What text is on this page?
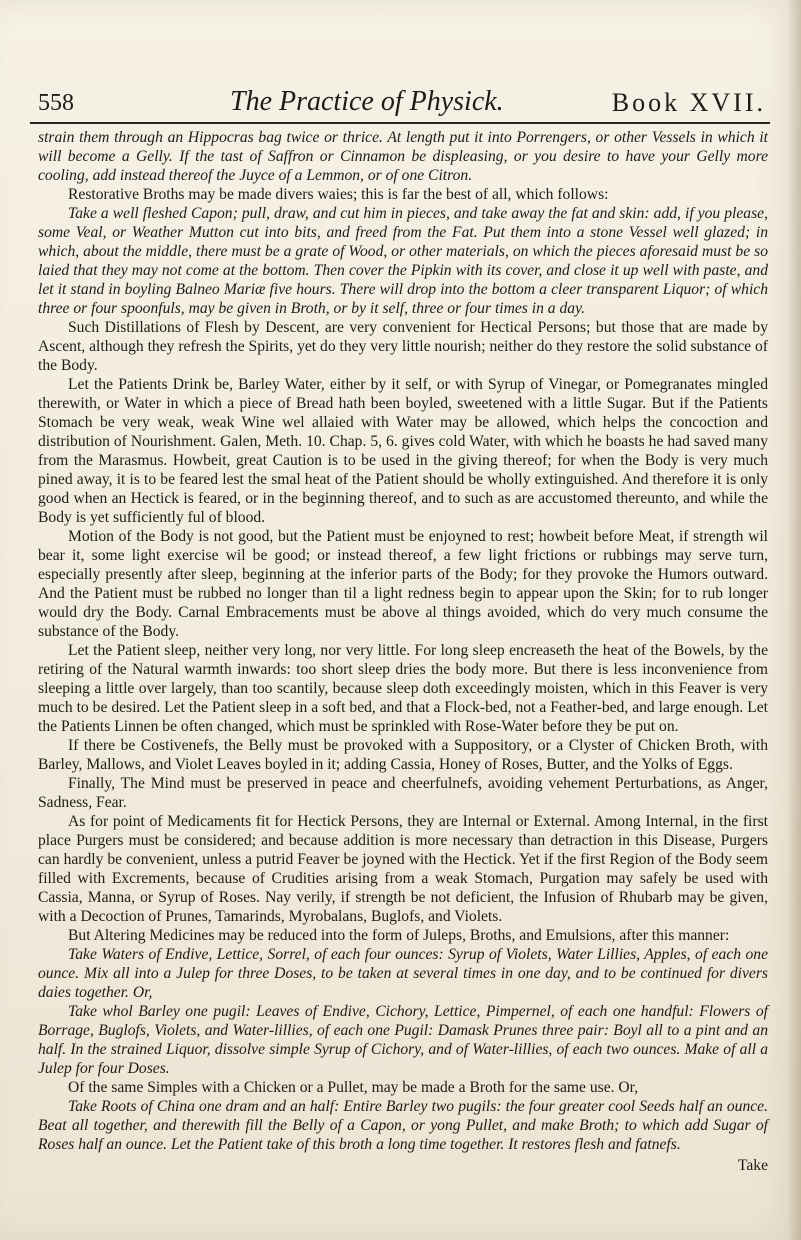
558	The Practice of Physick.	Book XVII.

strain them through an Hippocras bag twice or thrice. At length put it into Porrengers, or other Vessels in which it will become a Gelly. If the tast of Saffron or Cinnamon be displeasing, or you desire to have your Gelly more cooling, add instead thereof the Juyce of a Lemmon, or of one Citron.

Restorative Broths may be made divers waies; this is far the best of all, which follows:

Take a well fleshed Capon; pull, draw, and cut him in pieces, and take away the fat and skin: add, if you please, some Veal, or Weather Mutton cut into bits, and freed from the Fat. Put them into a stone Vessel well glazed; in which, about the middle, there must be a grate of Wood, or other materials, on which the pieces aforesaid must be so laied that they may not come at the bottom. Then cover the Pipkin with its cover, and close it up well with paste, and let it stand in boyling Balneo Mariæ five hours. There will drop into the bottom a cleer transparent Liquor; of which three or four spoonfuls, may be given in Broth, or by it self, three or four times in a day.

Such Distillations of Flesh by Descent, are very convenient for Hectical Persons; but those that are made by Ascent, although they refresh the Spirits, yet do they very little nourish; neither do they restore the solid substance of the Body.

Let the Patients Drink be, Barley Water, either by it self, or with Syrup of Vinegar, or Pomegranates mingled therewith, or Water in which a piece of Bread hath been boyled, sweetened with a little Sugar. But if the Patients Stomach be very weak, weak Wine wel allaied with Water may be allowed, which helps the concoction and distribution of Nourishment. Galen, Meth. 10. Chap. 5, 6. gives cold Water, with which he boasts he had saved many from the Marasmus. Howbeit, great Caution is to be used in the giving thereof; for when the Body is very much pined away, it is to be feared lest the smal heat of the Patient should be wholly extinguished. And therefore it is only good when an Hectick is feared, or in the beginning thereof, and to such as are accustomed thereunto, and while the Body is yet sufficiently ful of blood.

Motion of the Body is not good, but the Patient must be enjoyned to rest; howbeit before Meat, if strength wil bear it, some light exercise wil be good; or instead thereof, a few light frictions or rubbings may serve turn, especially presently after sleep, beginning at the inferior parts of the Body; for they provoke the Humors outward. And the Patient must be rubbed no longer than til a light redness begin to appear upon the Skin; for to rub longer would dry the Body. Carnal Embracements must be above al things avoided, which do very much consume the substance of the Body.

Let the Patient sleep, neither very long, nor very little. For long sleep encreaseth the heat of the Bowels, by the retiring of the Natural warmth inwards: too short sleep dries the body more. But there is less inconvenience from sleeping a little over largely, than too scantily, because sleep doth exceedingly moisten, which in this Feaver is very much to be desired. Let the Patient sleep in a soft bed, and that a Flock-bed, not a Feather-bed, and large enough. Let the Patients Linnen be often changed, which must be sprinkled with Rose-Water before they be put on.

If there be Costivenefs, the Belly must be provoked with a Suppository, or a Clyster of Chicken Broth, with Barley, Mallows, and Violet Leaves boyled in it; adding Cassia, Honey of Roses, Butter, and the Yolks of Eggs.

Finally, The Mind must be preserved in peace and cheerfulnefs, avoiding vehement Perturbations, as Anger, Sadness, Fear.

As for point of Medicaments fit for Hectick Persons, they are Internal or External. Among Internal, in the first place Purgers must be considered; and because addition is more necessary than detraction in this Disease, Purgers can hardly be convenient, unless a putrid Feaver be joyned with the Hectick. Yet if the first Region of the Body seem filled with Excrements, because of Crudities arising from a weak Stomach, Purgation may safely be used with Cassia, Manna, or Syrup of Roses. Nay verily, if strength be not deficient, the Infusion of Rhubarb may be given, with a Decoction of Prunes, Tamarinds, Myrobalans, Buglofs, and Violets.

But Altering Medicines may be reduced into the form of Juleps, Broths, and Emulsions, after this manner:

Take Waters of Endive, Lettice, Sorrel, of each four ounces: Syrup of Violets, Water Lillies, Apples, of each one ounce. Mix all into a Julep for three Doses, to be taken at several times in one day, and to be continued for divers daies together. Or,

Take whol Barley one pugil: Leaves of Endive, Cichory, Lettice, Pimpernel, of each one handful: Flowers of Borrage, Buglofs, Violets, and Water-lillies, of each one Pugil: Damask Prunes three pair: Boyl all to a pint and an half. In the strained Liquor, dissolve simple Syrup of Cichory, and of Water-lillies, of each two ounces. Make of all a Julep for four Doses.

Of the same Simples with a Chicken or a Pullet, may be made a Broth for the same use. Or,

Take Roots of China one dram and an half: Entire Barley two pugils: the four greater cool Seeds half an ounce. Beat all together, and therewith fill the Belly of a Capon, or yong Pullet, and make Broth; to which add Sugar of Roses half an ounce. Let the Patient take of this broth a long time together. It restores flesh and fatnefs.

Take
